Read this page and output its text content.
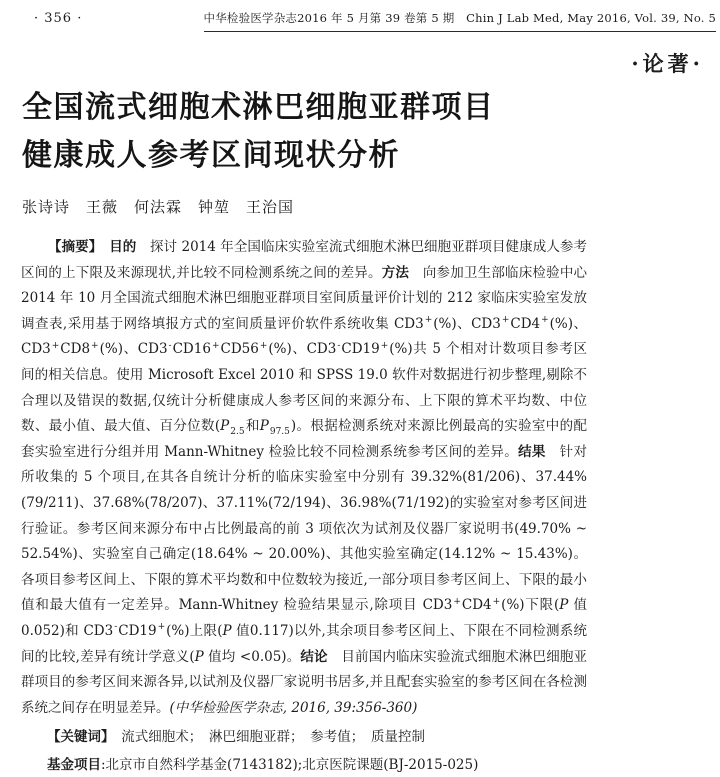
· 356 ·	中华检验医学杂志2016 年 5 月第 39 卷第 5 期　Chin J Lab Med, May 2016, Vol. 39, No. 5
·论著·
全国流式细胞术淋巴细胞亚群项目
健康成人参考区间现状分析
张诗诗　王薇　何法霖　钟堃　王治国

【摘要】　目的　探讨 2014 年全国临床实验室流式细胞术淋巴细胞亚群项目健康成人参考区间的上下限及来源现状,并比较不同检测系统之间的差异。方法　向参加卫生部临床检验中心 2014 年 10 月全国流式细胞术淋巴细胞亚群项目室间质量评价计划的 212 家临床实验室发放调查表,采用基于网络填报方式的室间质量评价软件系统收集 CD3+(%)、CD3+CD4+(%)、CD3+CD8+(%)、CD3-CD16+CD56+(%)、CD3-CD19+(%)共 5 个相对计数项目参考区间的相关信息。使用 Microsoft Excel 2010 和 SPSS 19.0 软件对数据进行初步整理,剔除不合理以及错误的数据,仅统计分析健康成人参考区间的来源分布、上下限的算术平均数、中位数、最小值、最大值、百分位数($P_{2.5}$和$P_{97.5}$)。根据检测系统对来源比例最高的实验室中的配套实验室进行分组并用 Mann-Whitney 检验比较不同检测系统参考区间的差异。结果　针对所收集的 5 个项目,在其各自统计分析的临床实验室中分别有 39.32%(81/206)、37.44%(79/211)、37.68%(78/207)、37.11%(72/194)、36.98%(71/192)的实验室对参考区间进行验证。参考区间来源分布中占比例最高的前 3 项依次为试剂及仪器厂家说明书(49.70% ~ 52.54%)、实验室自己确定(18.64% ~ 20.00%)、其他实验室确定(14.12% ~ 15.43%)。各项目参考区间上、下限的算术平均数和中位数较为接近,一部分项目参考区间上、下限的最小值和最大值有一定差异。Mann-Whitney 检验结果显示,除项目 CD3+CD4+(%)下限(P 值 0.052)和 CD3-CD19+(%)上限(P 值0.117)以外,其余项目参考区间上、下限在不同检测系统间的比较,差异有统计学意义(P 值均 <0.05)。结论　目前国内临床实验流式细胞术淋巴细胞亚群项目的参考区间来源各异,以试剂及仪器厂家说明书居多,并且配套实验室的参考区间在各检测系统之间存在明显差异。(中华检验医学杂志, 2016, 39:356-360)

【关键词】　流式细胞术；　淋巴细胞亚群；　参考值；　质量控制

基金项目:北京市自然科学基金(7143182);北京医院课题(BJ-2015-025)
